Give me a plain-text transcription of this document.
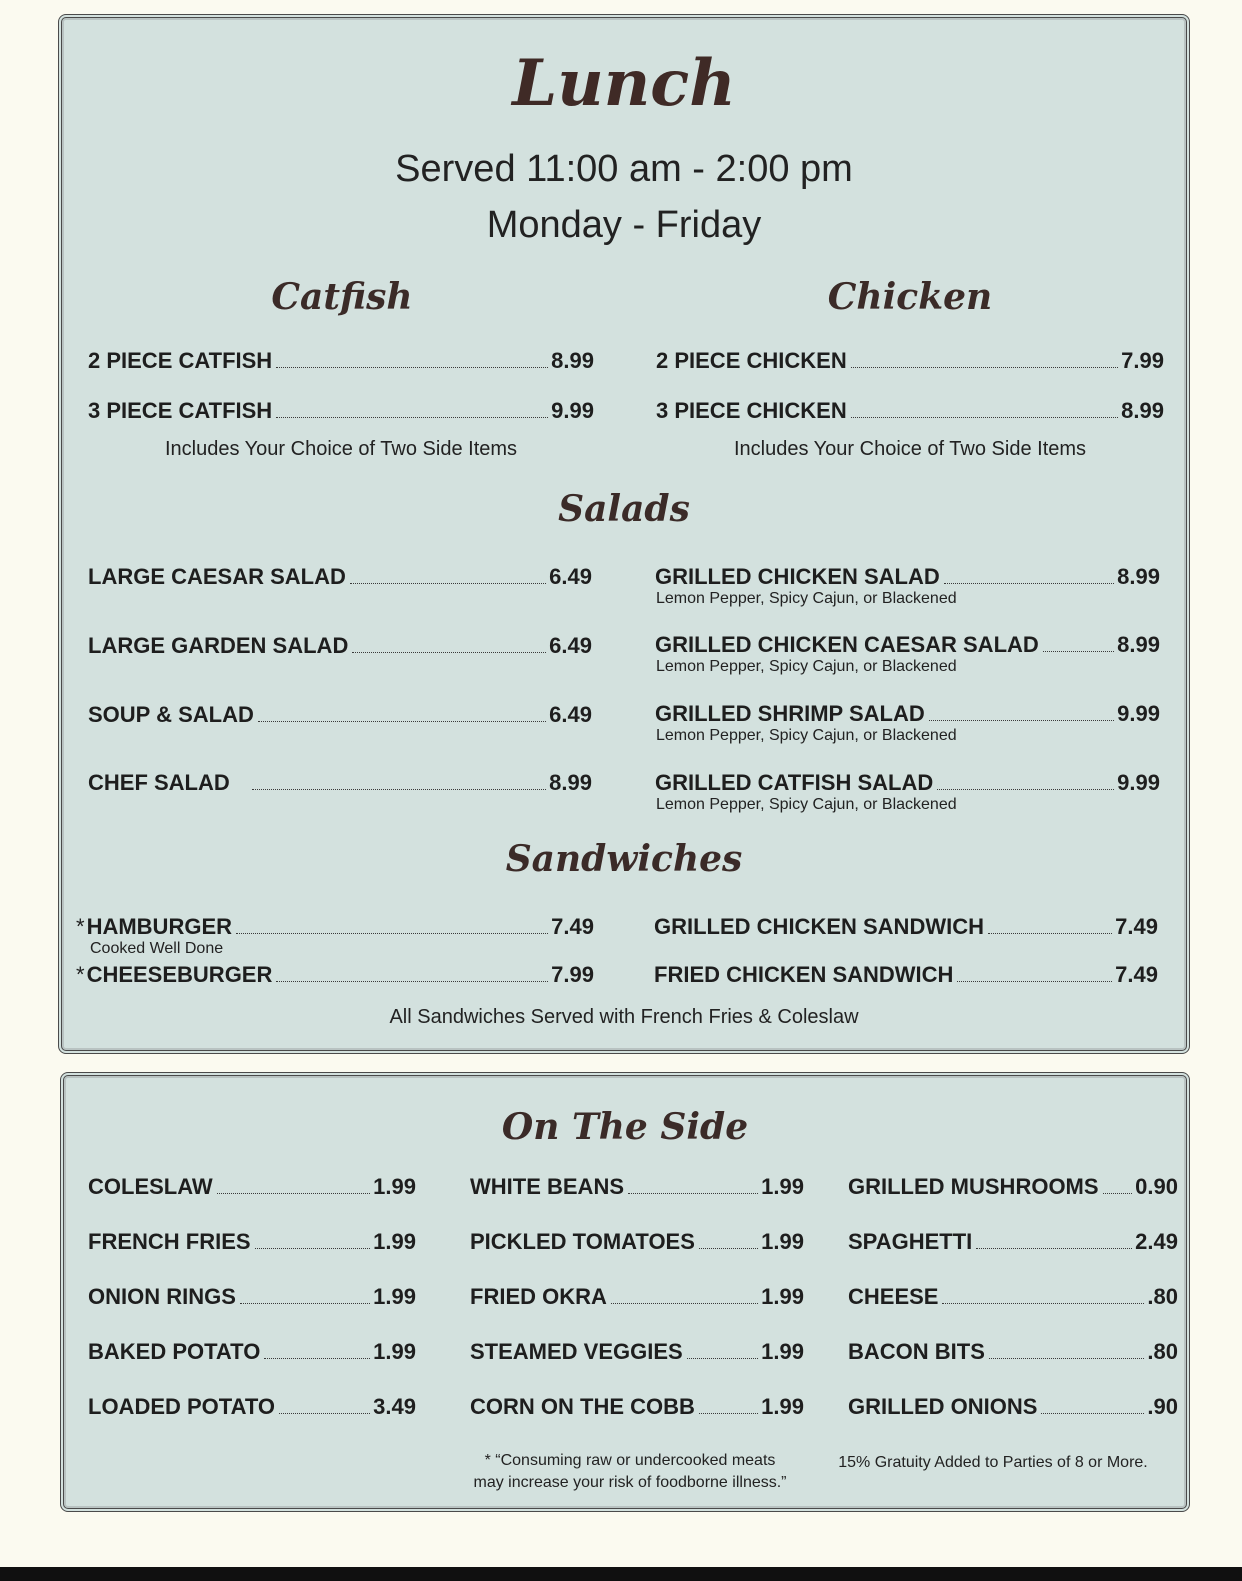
Lunch
Served 11:00 am - 2:00 pm
Monday - Friday
Catfish
2 PIECE CATFISH	8.99
3 PIECE CATFISH	9.99
Includes Your Choice of Two Side Items
Chicken
2 PIECE CHICKEN	7.99
3 PIECE CHICKEN	8.99
Includes Your Choice of Two Side Items
Salads
LARGE CAESAR SALAD	6.49
LARGE GARDEN SALAD	6.49
SOUP & SALAD	6.49
CHEF SALAD	8.99
GRILLED CHICKEN SALAD	8.99
Lemon Pepper, Spicy Cajun, or Blackened
GRILLED CHICKEN CAESAR SALAD	8.99
Lemon Pepper, Spicy Cajun, or Blackened
GRILLED SHRIMP SALAD	9.99
Lemon Pepper, Spicy Cajun, or Blackened
GRILLED CATFISH SALAD	9.99
Lemon Pepper, Spicy Cajun, or Blackened
Sandwiches
* HAMBURGER	7.49
Cooked Well Done
* CHEESEBURGER	7.99
GRILLED CHICKEN SANDWICH	7.49
FRIED CHICKEN SANDWICH	7.49
All Sandwiches Served with French Fries & Coleslaw
On The Side
COLESLAW	1.99
FRENCH FRIES	1.99
ONION RINGS	1.99
BAKED POTATO	1.99
LOADED POTATO	3.49
WHITE BEANS	1.99
PICKLED TOMATOES	1.99
FRIED OKRA	1.99
STEAMED VEGGIES	1.99
CORN ON THE COBB	1.99
GRILLED MUSHROOMS 0.90
SPAGHETTI	2.49
CHEESE	.80
BACON BITS	.80
GRILLED ONIONS	.90
* “Consuming raw or undercooked meats
may increase your risk of foodborne illness.”
15% Gratuity Added to Parties of 8 or More.
